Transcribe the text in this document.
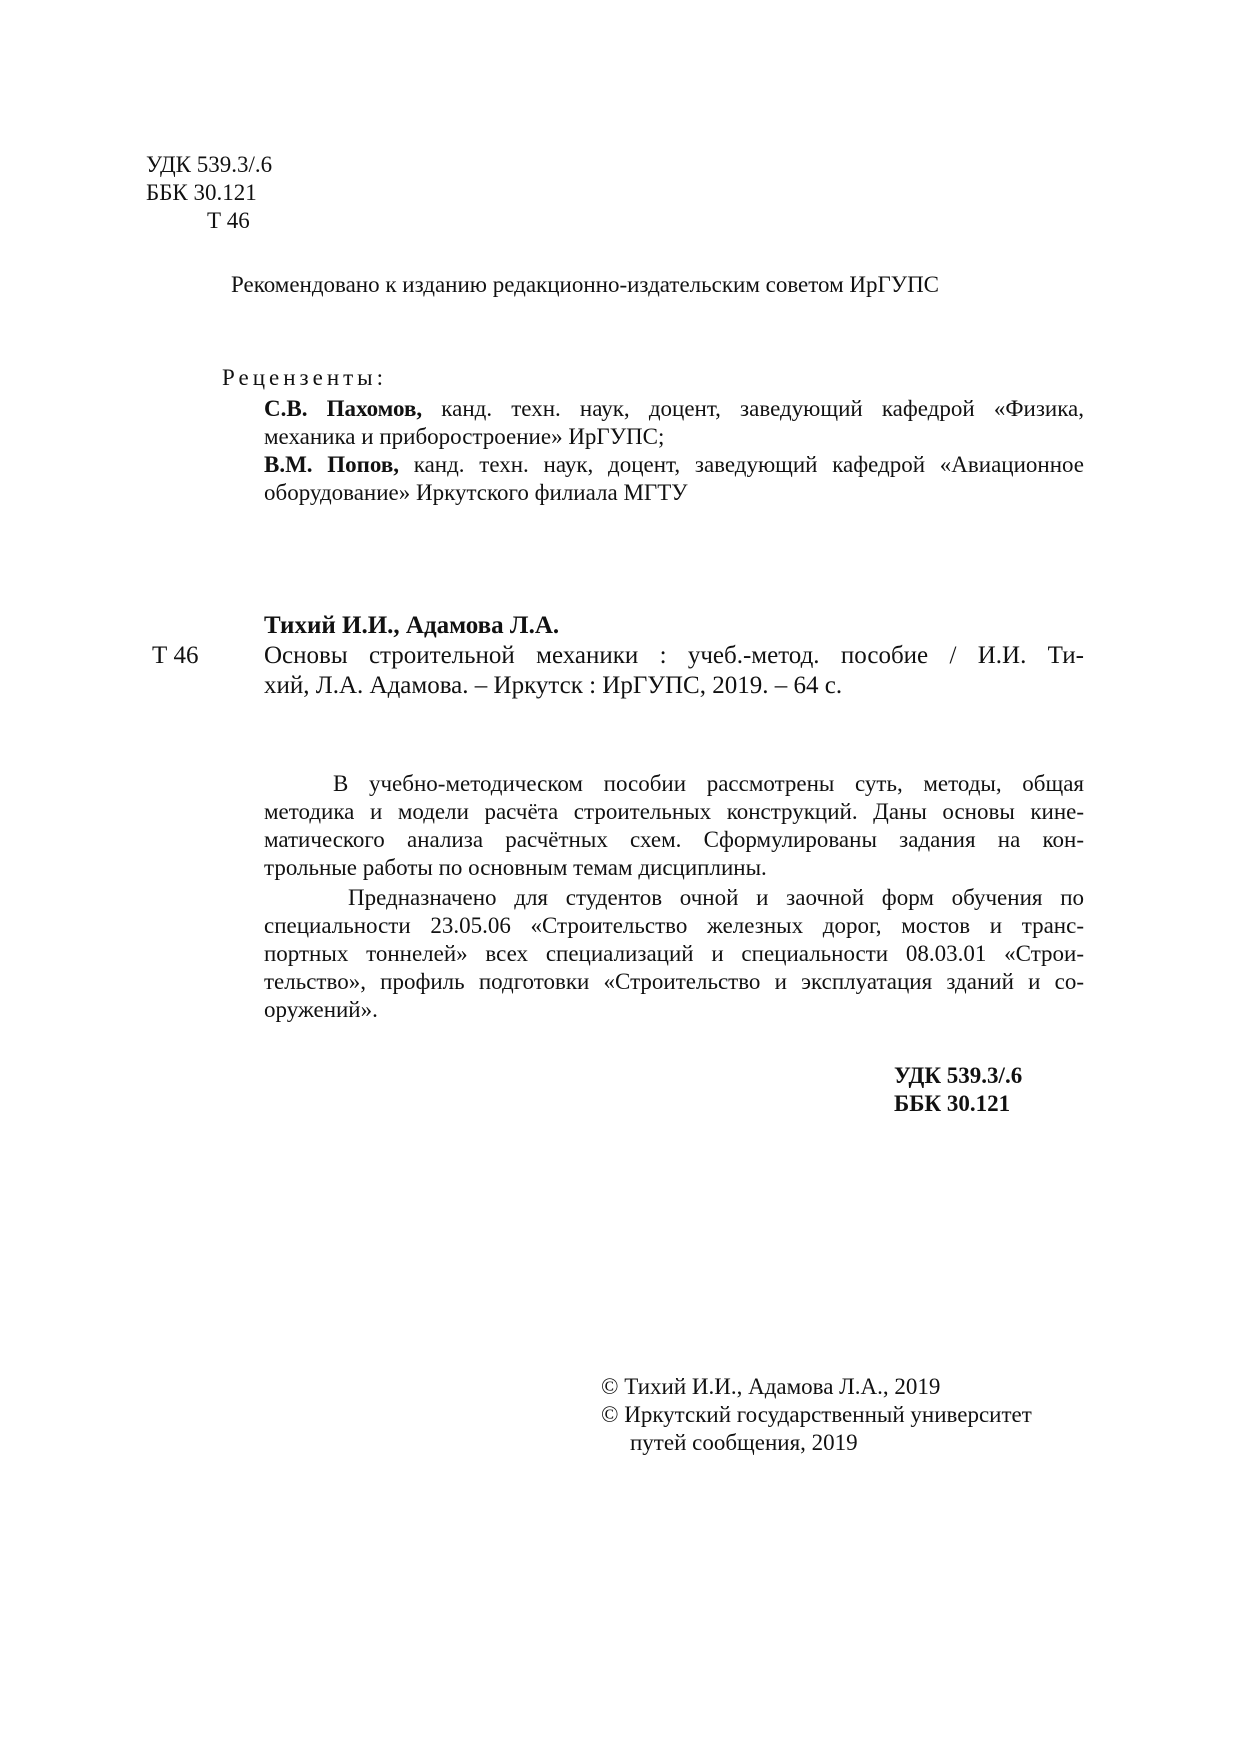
УДК 539.3/.6
ББК 30.121
Т 46
Рекомендовано к изданию редакционно-издательским советом ИрГУПС
Рецензенты:
С.В. Пахомов, канд. техн. наук, доцент, заведующий кафедрой «Физика,
механика и приборостроение» ИрГУПС;
В.М. Попов, канд. техн. наук, доцент, заведующий кафедрой «Авиационное
оборудование» Иркутского филиала МГТУ
Тихий И.И., Адамова Л.А.
Т 46	Основы строительной механики : учеб.-метод. пособие / И.И. Ти-
хий, Л.А. Адамова. – Иркутск : ИрГУПС, 2019. – 64 с.
В учебно-методическом пособии рассмотрены суть, методы, общая
методика и модели расчёта строительных конструкций. Даны основы кине-
матического анализа расчётных схем. Сформулированы задания на кон-
трольные работы по основным темам дисциплины.
Предназначено для студентов очной и заочной форм обучения по
специальности 23.05.06 «Строительство железных дорог, мостов и транс-
портных тоннелей» всех специализаций и специальности 08.03.01 «Строи-
тельство», профиль подготовки «Строительство и эксплуатация зданий и со-
оружений».
УДК 539.3/.6
ББК 30.121
© Тихий И.И., Адамова Л.А., 2019
© Иркутский государственный университет
путей сообщения, 2019
